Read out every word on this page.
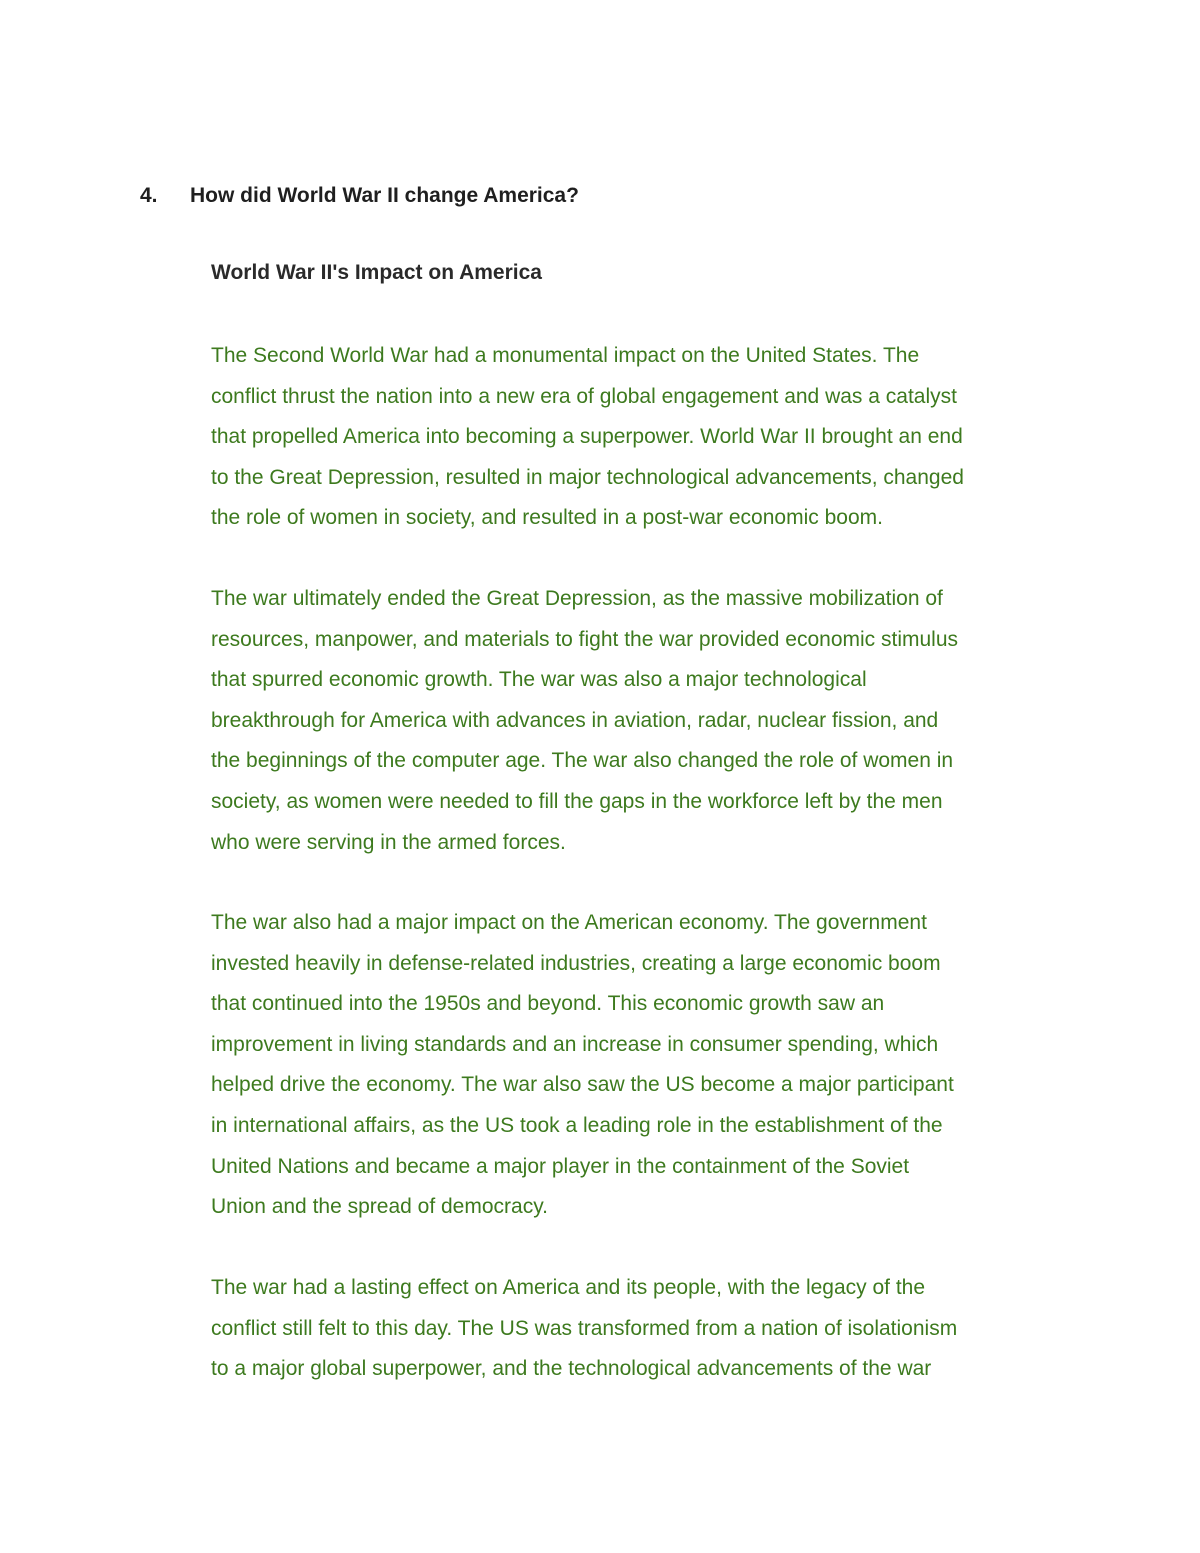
4. How did World War II change America?
World War II's Impact on America
The Second World War had a monumental impact on the United States. The
conflict thrust the nation into a new era of global engagement and was a catalyst
that propelled America into becoming a superpower. World War II brought an end
to the Great Depression, resulted in major technological advancements, changed
the role of women in society, and resulted in a post-war economic boom.
The war ultimately ended the Great Depression, as the massive mobilization of
resources, manpower, and materials to fight the war provided economic stimulus
that spurred economic growth. The war was also a major technological
breakthrough for America with advances in aviation, radar, nuclear fission, and
the beginnings of the computer age. The war also changed the role of women in
society, as women were needed to fill the gaps in the workforce left by the men
who were serving in the armed forces.
The war also had a major impact on the American economy. The government
invested heavily in defense-related industries, creating a large economic boom
that continued into the 1950s and beyond. This economic growth saw an
improvement in living standards and an increase in consumer spending, which
helped drive the economy. The war also saw the US become a major participant
in international affairs, as the US took a leading role in the establishment of the
United Nations and became a major player in the containment of the Soviet
Union and the spread of democracy.
The war had a lasting effect on America and its people, with the legacy of the
conflict still felt to this day. The US was transformed from a nation of isolationism
to a major global superpower, and the technological advancements of the war
